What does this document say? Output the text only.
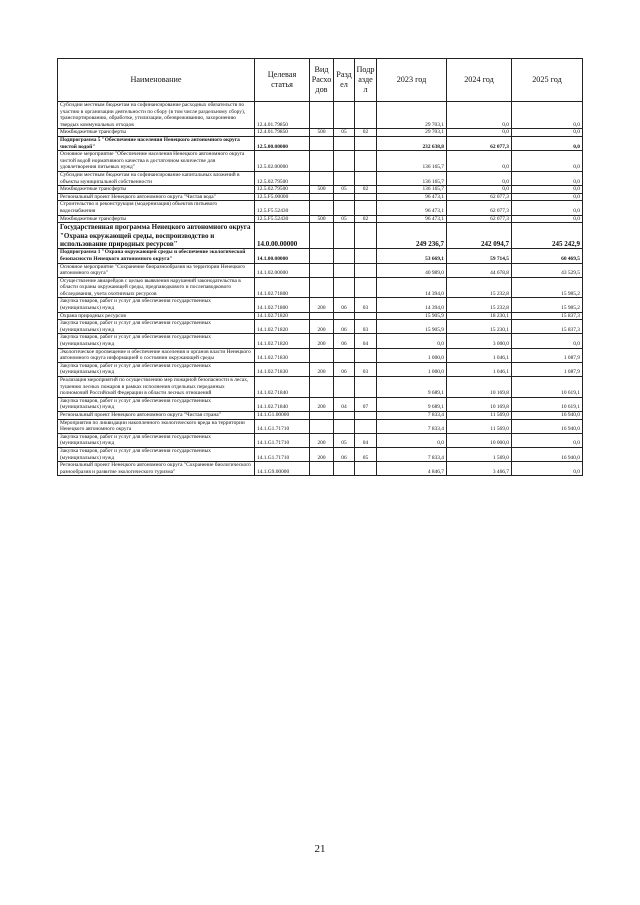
Наименование	Целевая статья	Вид Расхо дов	Разд ел	Подр азде л	2023 год	2024 год	2025 год
Субсидии местным бюджетам на софинансирование расходных обязательств по участию в организации деятельности по сбору (в том числе раздельному сбору), транспортированию, обработке, утилизации, обезвреживанию, захоронению твердых коммунальных отходов	12.4.01.79850				29 703,1	0,0	0,0
Межбюджетные трансферты	12.4.01.79850	500	05	02	29 703,1	0,0	0,0
Подпрограмма 5 "Обеспечение населения Ненецкого автономного округа чистой водой"	12.5.00.00000				232 638,8	62 077,3	0,0
Основное мероприятие "Обеспечение населения Ненецкого автономного округа чистой водой нормативного качества в достаточном количестве для удовлетворения питьевых нужд"	12.5.02.00000				136 165,7	0,0	0,0
Субсидии местным бюджетам на софинансирование капитальных вложений в объекты муниципальной собственности	12.5.02.79500				136 165,7	0,0	0,0
Межбюджетные трансферты	12.5.02.79500	500	05	02	136 165,7	0,0	0,0
Региональный проект Ненецкого автономного округа "Чистая вода"	12.5.F5.00000				96 473,1	62 077,3	0,0
Строительство и реконструкция (модернизация) объектов питьевого водоснабжения	12.5.F5.52430				96 473,1	62 077,3	0,0
Межбюджетные трансферты	12.5.F5.52430	500	05	02	96 473,1	62 077,3	0,0
Государственная программа Ненецкого автономного округа "Охрана окружающей среды, воспроизводство и использование природных ресурсов"	14.0.00.00000				249 236,7	242 094,7	245 242,9
Подпрограмма 1 "Охрана окружающей среды и обеспечение экологической безопасности Ненецкого автономного округа"	14.1.00.00000				53 669,1	59 714,5	60 469,5
Основное мероприятие "Сохранение биоразнообразия на территории Ненецкого автономного округа"	14.1.02.00000				40 989,0	44 678,8	43 529,5
Осуществление авиарейдов с целью выявления нарушений законодательства в области охраны окружающей среды, предпаводкового и послепаводкового обследования, учета охотничьих ресурсов	14.1.02.71800				14 394,0	15 232,8	15 985,2
Закупка товаров, работ и услуг для обеспечения государственных (муниципальных) нужд	14.1.02.71800	200	06	03	14 394,0	15 232,8	15 985,2
Охрана природных ресурсов	14.1.02.71820				15 905,9	18 230,1	15 837,3
Закупка товаров, работ и услуг для обеспечения государственных (муниципальных) нужд	14.1.02.71820	200	06	03	15 905,9	15 230,1	15 837,3
Закупка товаров, работ и услуг для обеспечения государственных (муниципальных) нужд	14.1.02.71820	200	06	04	0,0	3 000,0	0,0
Экологическое просвещение и обеспечение населения и органов власти Ненецкого автономного округа информацией о состоянии окружающей среды	14.1.02.71830				1 000,0	1 046,1	1 087,9
Закупка товаров, работ и услуг для обеспечения государственных (муниципальных) нужд	14.1.02.71830	200	06	03	1 000,0	1 046,1	1 087,9
Реализация мероприятий по осуществлению мер пожарной безопасности в лесах, тушению лесных пожаров в рамках исполнения отдельных переданных полномочий Российской Федерации в области лесных отношений	14.1.02.71840				9 689,1	10 169,8	10 619,1
Закупка товаров, работ и услуг для обеспечения государственных (муниципальных) нужд	14.1.02.71840	200	04	07	9 689,1	10 169,8	10 619,1
Региональный проект Ненецкого автономного округа "Чистая страна"	14.1.G1.00000				7 833,4	11 569,0	16 940,0
Мероприятия по ликвидации накопленного экологического вреда на территории Ненецкого автономного округа	14.1.G1.71710				7 833,4	11 569,0	16 940,0
Закупка товаров, работ и услуг для обеспечения государственных (муниципальных) нужд	14.1.G1.71710	200	05	04	0,0	10 000,0	0,0
Закупка товаров, работ и услуг для обеспечения государственных (муниципальных) нужд	14.1.G1.71710	200	06	05	7 833,4	1 569,0	16 940,0
Региональный проект Ненецкого автономного округа "Сохранение биологического разнообразия и развитие экологического туризма"	14.1.G9.00000				4 846,7	3 466,7	0,0
21
